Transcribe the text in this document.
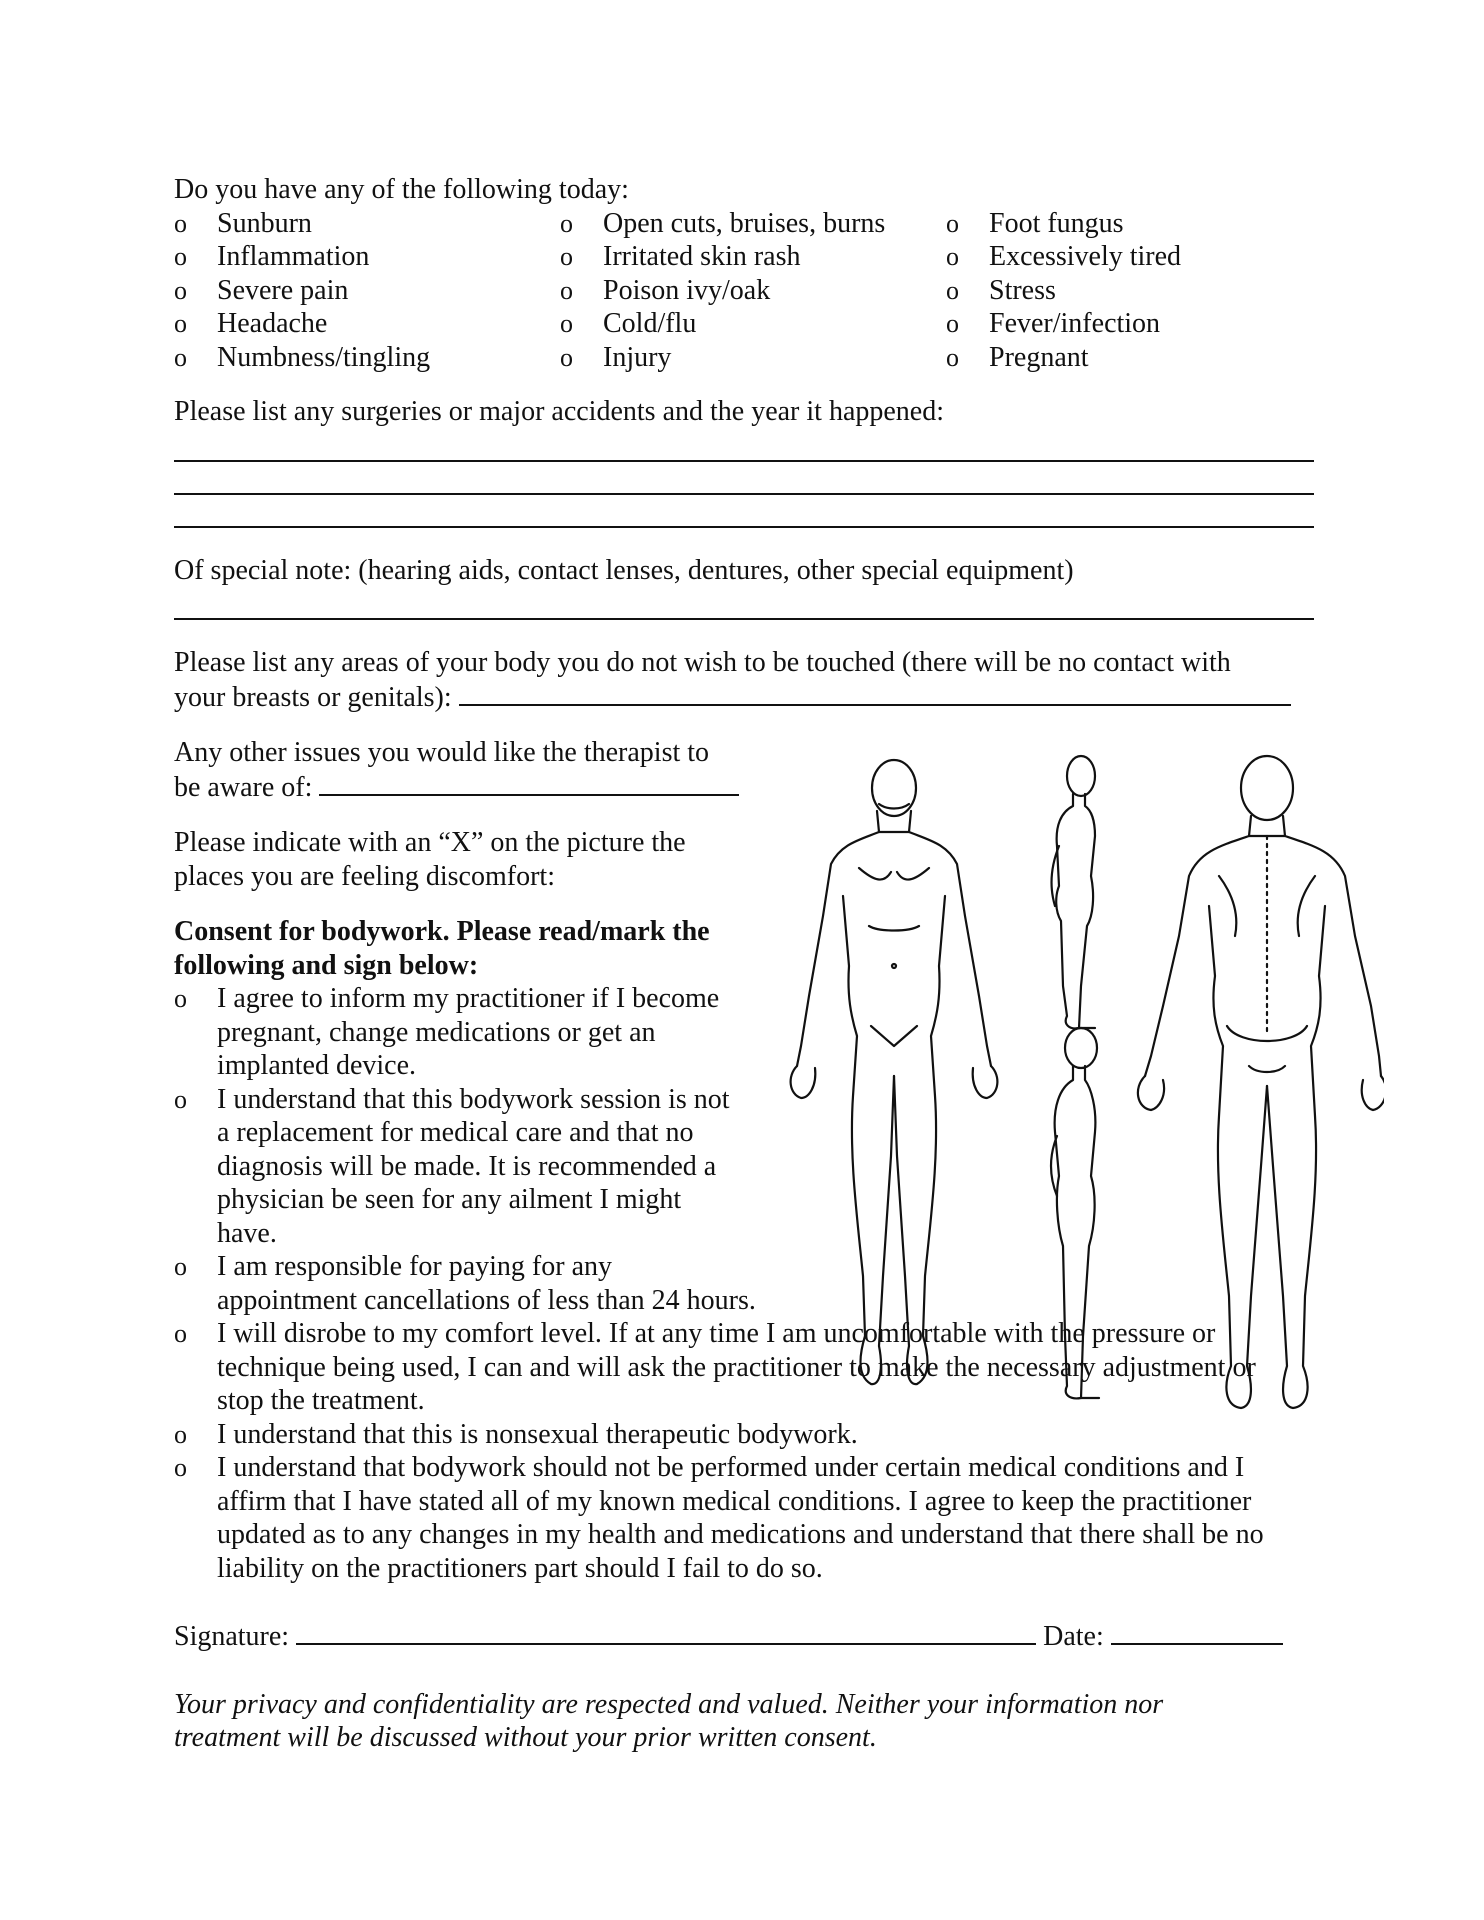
Do you have any of the following today:

o	Sunburn
o	Inflammation
o	Severe pain
o	Headache
o	Numbness/tingling
o	Open cuts, bruises, burns
o	Irritated skin rash
o	Poison ivy/oak
o	Cold/flu
o	Injury
o	Foot fungus
o	Excessively tired
o	Stress
o	Fever/infection
o	Pregnant

Please list any surgeries or major accidents and the year it happened:

Of special note: (hearing aids, contact lenses, dentures, other special equipment)

Please list any areas of your body you do not wish to be touched (there will be no contact with

your breasts or genitals):

Any other issues you would like the therapist to

be aware of:

Please indicate with an “X” on the picture the

places you are feeling discomfort:

Consent for bodywork. Please read/mark the

following and sign below:

o	I agree to inform my practitioner if I become

pregnant, change medications or get an

implanted device.

o	I understand that this bodywork session is not

a replacement for medical care and that no

diagnosis will be made. It is recommended a

physician be seen for any ailment I might

have.

o	I am responsible for paying for any

appointment cancellations of less than 24 hours.

o	I will disrobe to my comfort level. If at any time I am uncomfortable with the pressure or

technique being used, I can and will ask the practitioner to make the necessary adjustment or

stop the treatment.

o	I understand that this is nonsexual therapeutic bodywork.

o	I understand that bodywork should not be performed under certain medical conditions and I

affirm that I have stated all of my known medical conditions. I agree to keep the practitioner

updated as to any changes in my health and medications and understand that there shall be no

liability on the practitioners part should I fail to do so.

Signature:	Date:

Your privacy and confidentiality are respected and valued. Neither your information nor

treatment will be discussed without your prior written consent.
